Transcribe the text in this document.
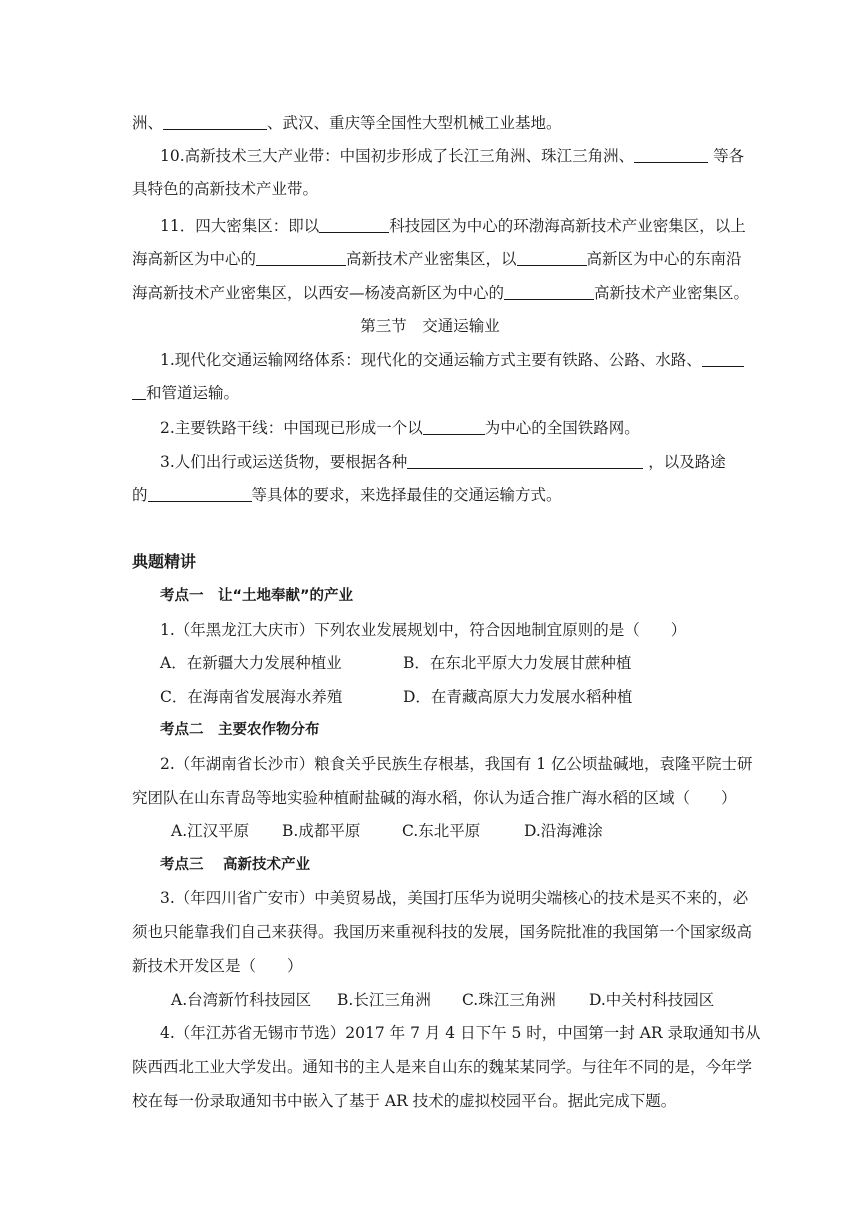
洲、	、武汉、重庆等全国性大型机械工业基地。
10.高新技术三大产业带：中国初步形成了长江三角洲、珠江三角洲、	等各
具特色的高新技术产业带。
11．四大密集区：即以	科技园区为中心的环渤海高新技术产业密集区，以上
海高新区为中心的	高新技术产业密集区，以	高新区为中心的东南沿
海高新技术产业密集区，以西安—杨凌高新区为中心的	高新技术产业密集区。
第三节　交通运输业
1.现代化交通运输网络体系：现代化的交通运输方式主要有铁路、公路、水路、
和管道运输。
2.主要铁路干线：中国现已形成一个以	为中心的全国铁路网。
3.人们出行或运送货物，要根据各种	，以及路途
的	等具体的要求，来选择最佳的交通运输方式。
典题精讲
考点一　让“土地奉献”的产业
1.（年黑龙江大庆市）下列农业发展规划中，符合因地制宜原则的是（　　）
A．在新疆大力发展种植业	B．在东北平原大力发展甘蔗种植
C．在海南省发展海水养殖	D．在青藏高原大力发展水稻种植
考点二　主要农作物分布
2.（年湖南省长沙市）粮食关乎民族生存根基，我国有 1 亿公顷盐碱地，袁隆平院士研
究团队在山东青岛等地实验种植耐盐碱的海水稻，你认为适合推广海水稻的区域（　　）
A.江汉平原 B.成都平原	C.东北平原	D.沿海滩涂
考点三　 高新技术产业
3.（年四川省广安市）中美贸易战，美国打压华为说明尖端核心的技术是买不来的，必
须也只能靠我们自己来获得。我国历来重视科技的发展，国务院批准的我国第一个国家级高
新技术开发区是（　　）
A.台湾新竹科技园区 B.长江三角洲 C.珠江三角洲 D.中关村科技园区
4.（年江苏省无锡市节选）2017 年 7 月 4 日下午 5 时，中国第一封 AR 录取通知书从
陕西西北工业大学发出。通知书的主人是来自山东的魏某某同学。与往年不同的是，今年学
校在每一份录取通知书中嵌入了基于 AR 技术的虚拟校园平台。据此完成下题。
